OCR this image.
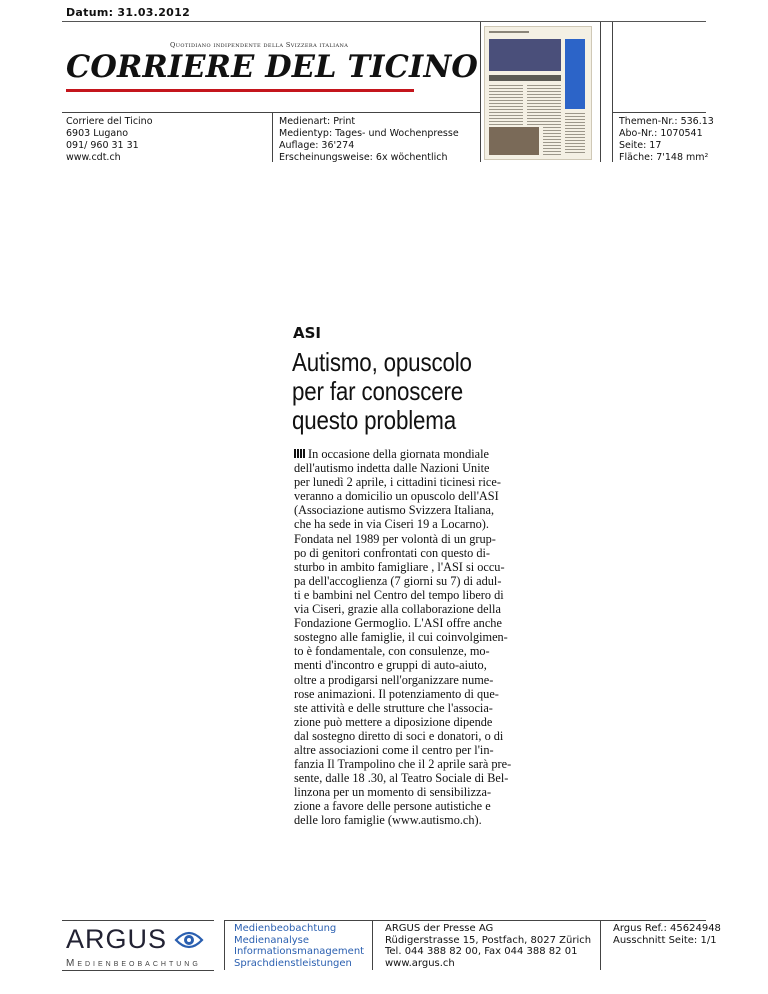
Datum: 31.03.2012
Quotidiano indipendente della Svizzera italiana
CORRIERE DEL TICINO
Corriere del Ticino
6903 Lugano
091/ 960 31 31
www.cdt.ch
Medienart: Print
Medientyp: Tages- und Wochenpresse
Auflage: 36'274
Erscheinungsweise: 6x wöchentlich
Themen-Nr.: 536.13
Abo-Nr.: 1070541
Seite: 17
Fläche: 7'148 mm²
ASI
Autismo, opuscolo
per far conoscere
questo problema
In occasione della giornata mondiale
dell'autismo indetta dalle Nazioni Unite
per lunedì 2 aprile, i cittadini ticinesi rice-
veranno a domicilio un opuscolo dell'ASI
(Associazione autismo Svizzera Italiana,
che ha sede in via Ciseri 19 a Locarno).
Fondata nel 1989 per volontà di un grup-
po di genitori confrontati con questo di-
sturbo in ambito famigliare , l'ASI si occu-
pa dell'accoglienza (7 giorni su 7) di adul-
ti e bambini nel Centro del tempo libero di
via Ciseri, grazie alla collaborazione della
Fondazione Germoglio. L'ASI offre anche
sostegno alle famiglie, il cui coinvolgimen-
to è fondamentale, con consulenze, mo-
menti d'incontro e gruppi di auto-aiuto,
oltre a prodigarsi nell'organizzare nume-
rose animazioni. Il potenziamento di que-
ste attività e delle strutture che l'associa-
zione può mettere a diposizione dipende
dal sostegno diretto di soci e donatori, o di
altre associazioni come il centro per l'in-
fanzia Il Trampolino che il 2 aprile sarà pre-
sente, dalle 18 .30, al Teatro Sociale di Bel-
linzona per un momento di sensibilizza-
zione a favore delle persone autistiche e
delle loro famiglie (www.autismo.ch).
ARGUS
Medienbeobachtung
Medienbeobachtung
Medienanalyse
Informationsmanagement
Sprachdienstleistungen
ARGUS der Presse AG
Rüdigerstrasse 15, Postfach, 8027 Zürich
Tel. 044 388 82 00, Fax 044 388 82 01
www.argus.ch
Argus Ref.: 45624948
Ausschnitt Seite: 1/1
